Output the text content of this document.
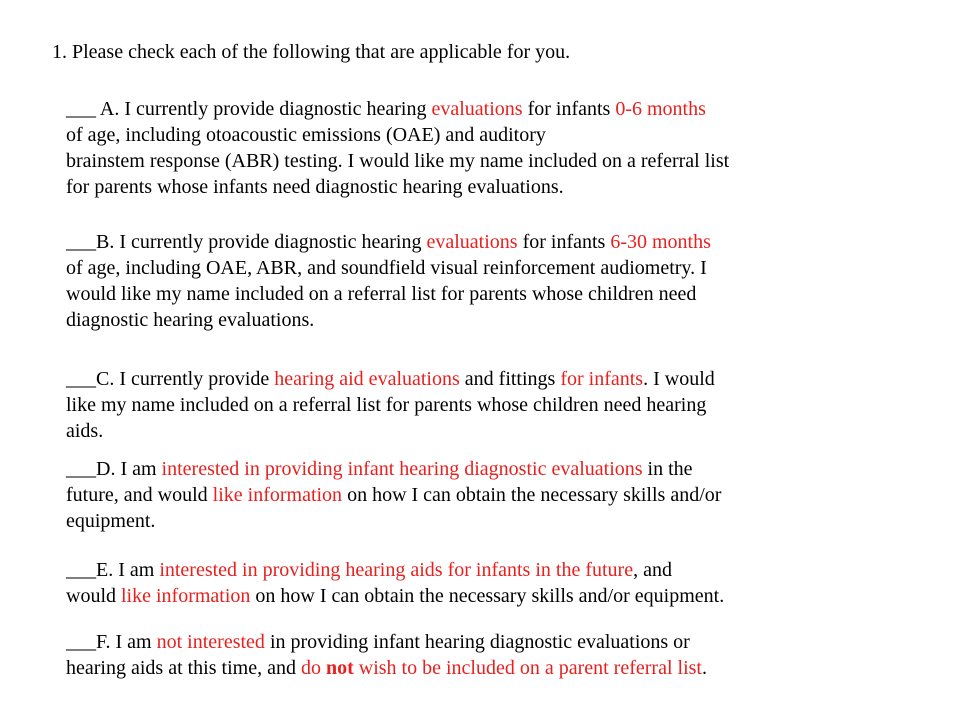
1. Please check each of the following that are applicable for you.
___ A. I currently provide diagnostic hearing evaluations for infants 0-6 months
of age, including otoacoustic emissions (OAE) and auditory
brainstem response (ABR) testing. I would like my name included on a referral list
for parents whose infants need diagnostic hearing evaluations.
___B. I currently provide diagnostic hearing evaluations for infants 6-30 months
of age, including OAE, ABR, and soundfield visual reinforcement audiometry. I
would like my name included on a referral list for parents whose children need
diagnostic hearing evaluations.
___C. I currently provide hearing aid evaluations and fittings for infants. I would
like my name included on a referral list for parents whose children need hearing
aids.
___D. I am interested in providing infant hearing diagnostic evaluations in the
future, and would like information on how I can obtain the necessary skills and/or
equipment.
___E. I am interested in providing hearing aids for infants in the future, and
would like information on how I can obtain the necessary skills and/or equipment.
___F. I am not interested in providing infant hearing diagnostic evaluations or
hearing aids at this time, and do not wish to be included on a parent referral list.
